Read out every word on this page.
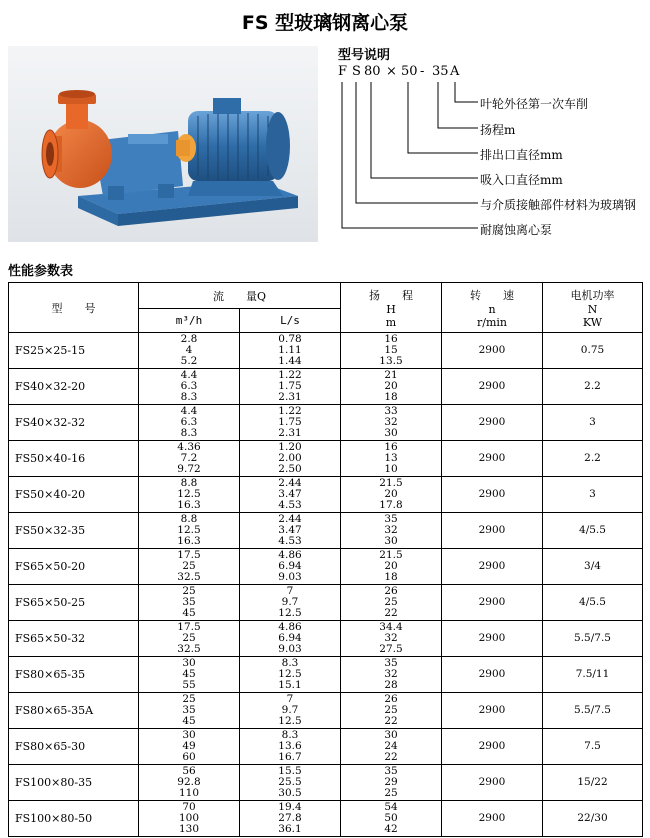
FS 型玻璃钢离心泵
型号说明
F S 80 × 50 - 35 A
叶轮外径第一次车削
扬程m
排出口直径mm
吸入口直径mm
与介质接触部件材料为玻璃钢
耐腐蚀离心泵
性能参数表
型　　号	流　　量Q		扬　　程
H
m	转　　速
n
r/min	电机功率
N
KW

	m³/h	L/s			
FS25×25-15	2.8
4
5.2	0.78
1.11
1.44	16
15
13.5	2900	0.75
FS40×32-20	4.4
6.3
8.3	1.22
1.75
2.31	21
20
18	2900	2.2
FS40×32-32	4.4
6.3
8.3	1.22
1.75
2.31	33
32
30	2900	3
FS50×40-16	4.36
7.2
9.72	1.20
2.00
2.50	16
13
10	2900	2.2
FS50×40-20	8.8
12.5
16.3	2.44
3.47
4.53	21.5
20
17.8	2900	3
FS50×32-35	8.8
12.5
16.3	2.44
3.47
4.53	35
32
30	2900	4/5.5
FS65×50-20	17.5
25
32.5	4.86
6.94
9.03	21.5
20
18	2900	3/4
FS65×50-25	25
35
45	7
9.7
12.5	26
25
22	2900	4/5.5
FS65×50-32	17.5
25
32.5	4.86
6.94
9.03	34.4
32
27.5	2900	5.5/7.5
FS80×65-35	30
45
55	8.3
12.5
15.1	35
32
28	2900	7.5/11
FS80×65-35A	25
35
45	7
9.7
12.5	26
25
22	2900	5.5/7.5
FS80×65-30	30
49
60	8.3
13.6
16.7	30
24
22	2900	7.5
FS100×80-35	56
92.8
110	15.5
25.5
30.5	35
29
25	2900	15/22
FS100×80-50	70
100
130	19.4
27.8
36.1	54
50
42	2900	22/30
